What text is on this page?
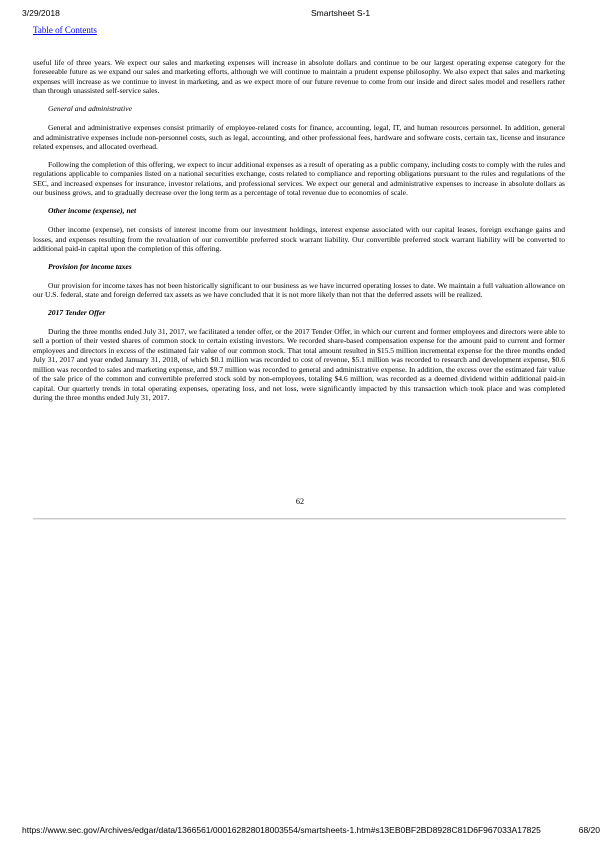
3/29/2018	Smartsheet S-1
Table of Contents

useful life of three years. We expect our sales and marketing expenses will increase in absolute dollars and continue to be our largest operating expense category for the foreseeable future as we expand our sales and marketing efforts, although we will continue to maintain a prudent expense philosophy. We also expect that sales and marketing expenses will increase as we continue to invest in marketing, and as we expect more of our future revenue to come from our inside and direct sales model and resellers rather than through unassisted self-service sales.

General and administrative

General and administrative expenses consist primarily of employee-related costs for finance, accounting, legal, IT, and human resources personnel. In addition, general and administrative expenses include non-personnel costs, such as legal, accounting, and other professional fees, hardware and software costs, certain tax, license and insurance related expenses, and allocated overhead.

Following the completion of this offering, we expect to incur additional expenses as a result of operating as a public company, including costs to comply with the rules and regulations applicable to companies listed on a national securities exchange, costs related to compliance and reporting obligations pursuant to the rules and regulations of the SEC, and increased expenses for insurance, investor relations, and professional services. We expect our general and administrative expenses to increase in absolute dollars as our business grows, and to gradually decrease over the long term as a percentage of total revenue due to economies of scale.

Other income (expense), net

Other income (expense), net consists of interest income from our investment holdings, interest expense associated with our capital leases, foreign exchange gains and losses, and expenses resulting from the revaluation of our convertible preferred stock warrant liability. Our convertible preferred stock warrant liability will be converted to additional paid-in capital upon the completion of this offering.

Provision for income taxes

Our provision for income taxes has not been historically significant to our business as we have incurred operating losses to date. We maintain a full valuation allowance on our U.S. federal, state and foreign deferred tax assets as we have concluded that it is not more likely than not that the deferred assets will be realized.

2017 Tender Offer

During the three months ended July 31, 2017, we facilitated a tender offer, or the 2017 Tender Offer, in which our current and former employees and directors were able to sell a portion of their vested shares of common stock to certain existing investors. We recorded share-based compensation expense for the amount paid to current and former employees and directors in excess of the estimated fair value of our common stock. That total amount resulted in $15.5 million incremental expense for the three months ended July 31, 2017 and year ended January 31, 2018, of which $0.1 million was recorded to cost of revenue, $5.1 million was recorded to research and development expense, $0.6 million was recorded to sales and marketing expense, and $9.7 million was recorded to general and administrative expense. In addition, the excess over the estimated fair value of the sale price of the common and convertible preferred stock sold by non-employees, totaling $4.6 million, was recorded as a deemed dividend within additional paid-in capital. Our quarterly trends in total operating expenses, operating loss, and net loss, were significantly impacted by this transaction which took place and was completed during the three months ended July 31, 2017.

62
https://www.sec.gov/Archives/edgar/data/1366561/000162828018003554/smartsheets-1.htm#s13EB0BF2BD8928C81D6F967033A17825	68/20
